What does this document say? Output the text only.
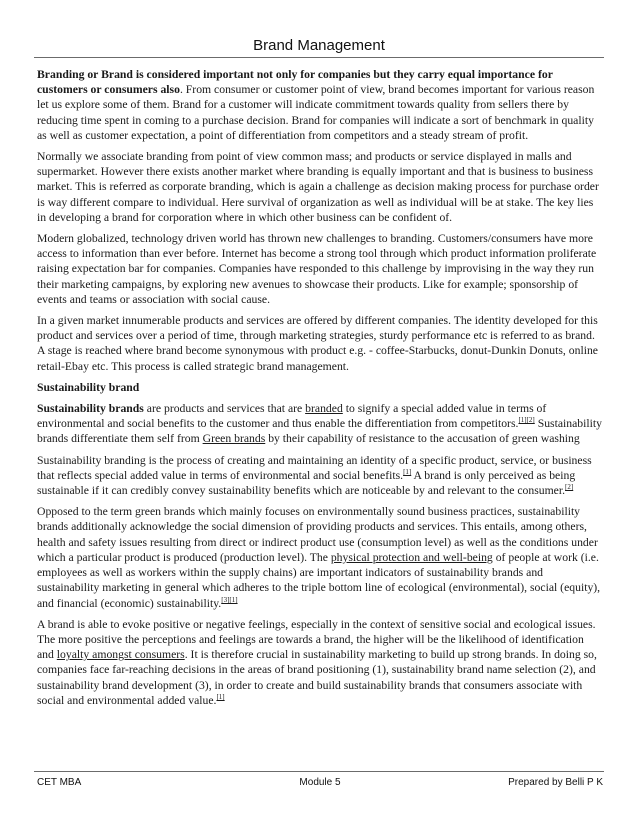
Brand Management

Branding or Brand is considered important not only for companies but they carry equal importance for customers or consumers also. From consumer or customer point of view, brand becomes important for various reason let us explore some of them. Brand for a customer will indicate commitment towards quality from sellers there by reducing time spent in coming to a purchase decision. Brand for companies will indicate a sort of benchmark in quality as well as customer expectation, a point of differentiation from competitors and a steady stream of profit.

Normally we associate branding from point of view common mass; and products or service displayed in malls and supermarket. However there exists another market where branding is equally important and that is business to business market. This is referred as corporate branding, which is again a challenge as decision making process for purchase order is way different compare to individual. Here survival of organization as well as individual will be at stake. The key lies in developing a brand for corporation where in which other business can be confident of.

Modern globalized, technology driven world has thrown new challenges to branding. Customers/consumers have more access to information than ever before. Internet has become a strong tool through which product information proliferate raising expectation bar for companies. Companies have responded to this challenge by improvising in the way they run their marketing campaigns, by exploring new avenues to showcase their products. Like for example; sponsorship of events and teams or association with social cause.

In a given market innumerable products and services are offered by different companies. The identity developed for this product and services over a period of time, through marketing strategies, sturdy performance etc is referred to as brand. A stage is reached where brand become synonymous with product e.g. - coffee-Starbucks, donut-Dunkin Donuts, online retail-Ebay etc. This process is called strategic brand management.

Sustainability brand

Sustainability brands are products and services that are branded to signify a special added value in terms of environmental and social benefits to the customer and thus enable the differentiation from competitors.[1][2] Sustainability brands differentiate them self from Green brands by their capability of resistance to the accusation of green washing

Sustainability branding is the process of creating and maintaining an identity of a specific product, service, or business that reflects special added value in terms of environmental and social benefits.[1] A brand is only perceived as being sustainable if it can credibly convey sustainability benefits which are noticeable by and relevant to the consumer.[2]

Opposed to the term green brands which mainly focuses on environmentally sound business practices, sustainability brands additionally acknowledge the social dimension of providing products and services. This entails, among others, health and safety issues resulting from direct or indirect product use (consumption level) as well as the conditions under which a particular product is produced (production level). The physical protection and well-being of people at work (i.e. employees as well as workers within the supply chains) are important indicators of sustainability brands and sustainability marketing in general which adheres to the triple bottom line of ecological (environmental), social (equity), and financial (economic) sustainability.[3][1]

A brand is able to evoke positive or negative feelings, especially in the context of sensitive social and ecological issues. The more positive the perceptions and feelings are towards a brand, the higher will be the likelihood of identification and loyalty amongst consumers. It is therefore crucial in sustainability marketing to build up strong brands. In doing so, companies face far-reaching decisions in the areas of brand positioning (1), sustainability brand name selection (2), and sustainability brand development (3), in order to create and build sustainability brands that consumers associate with social and environmental added value.[1]

CET MBA	Module 5	Prepared by Belli P K
